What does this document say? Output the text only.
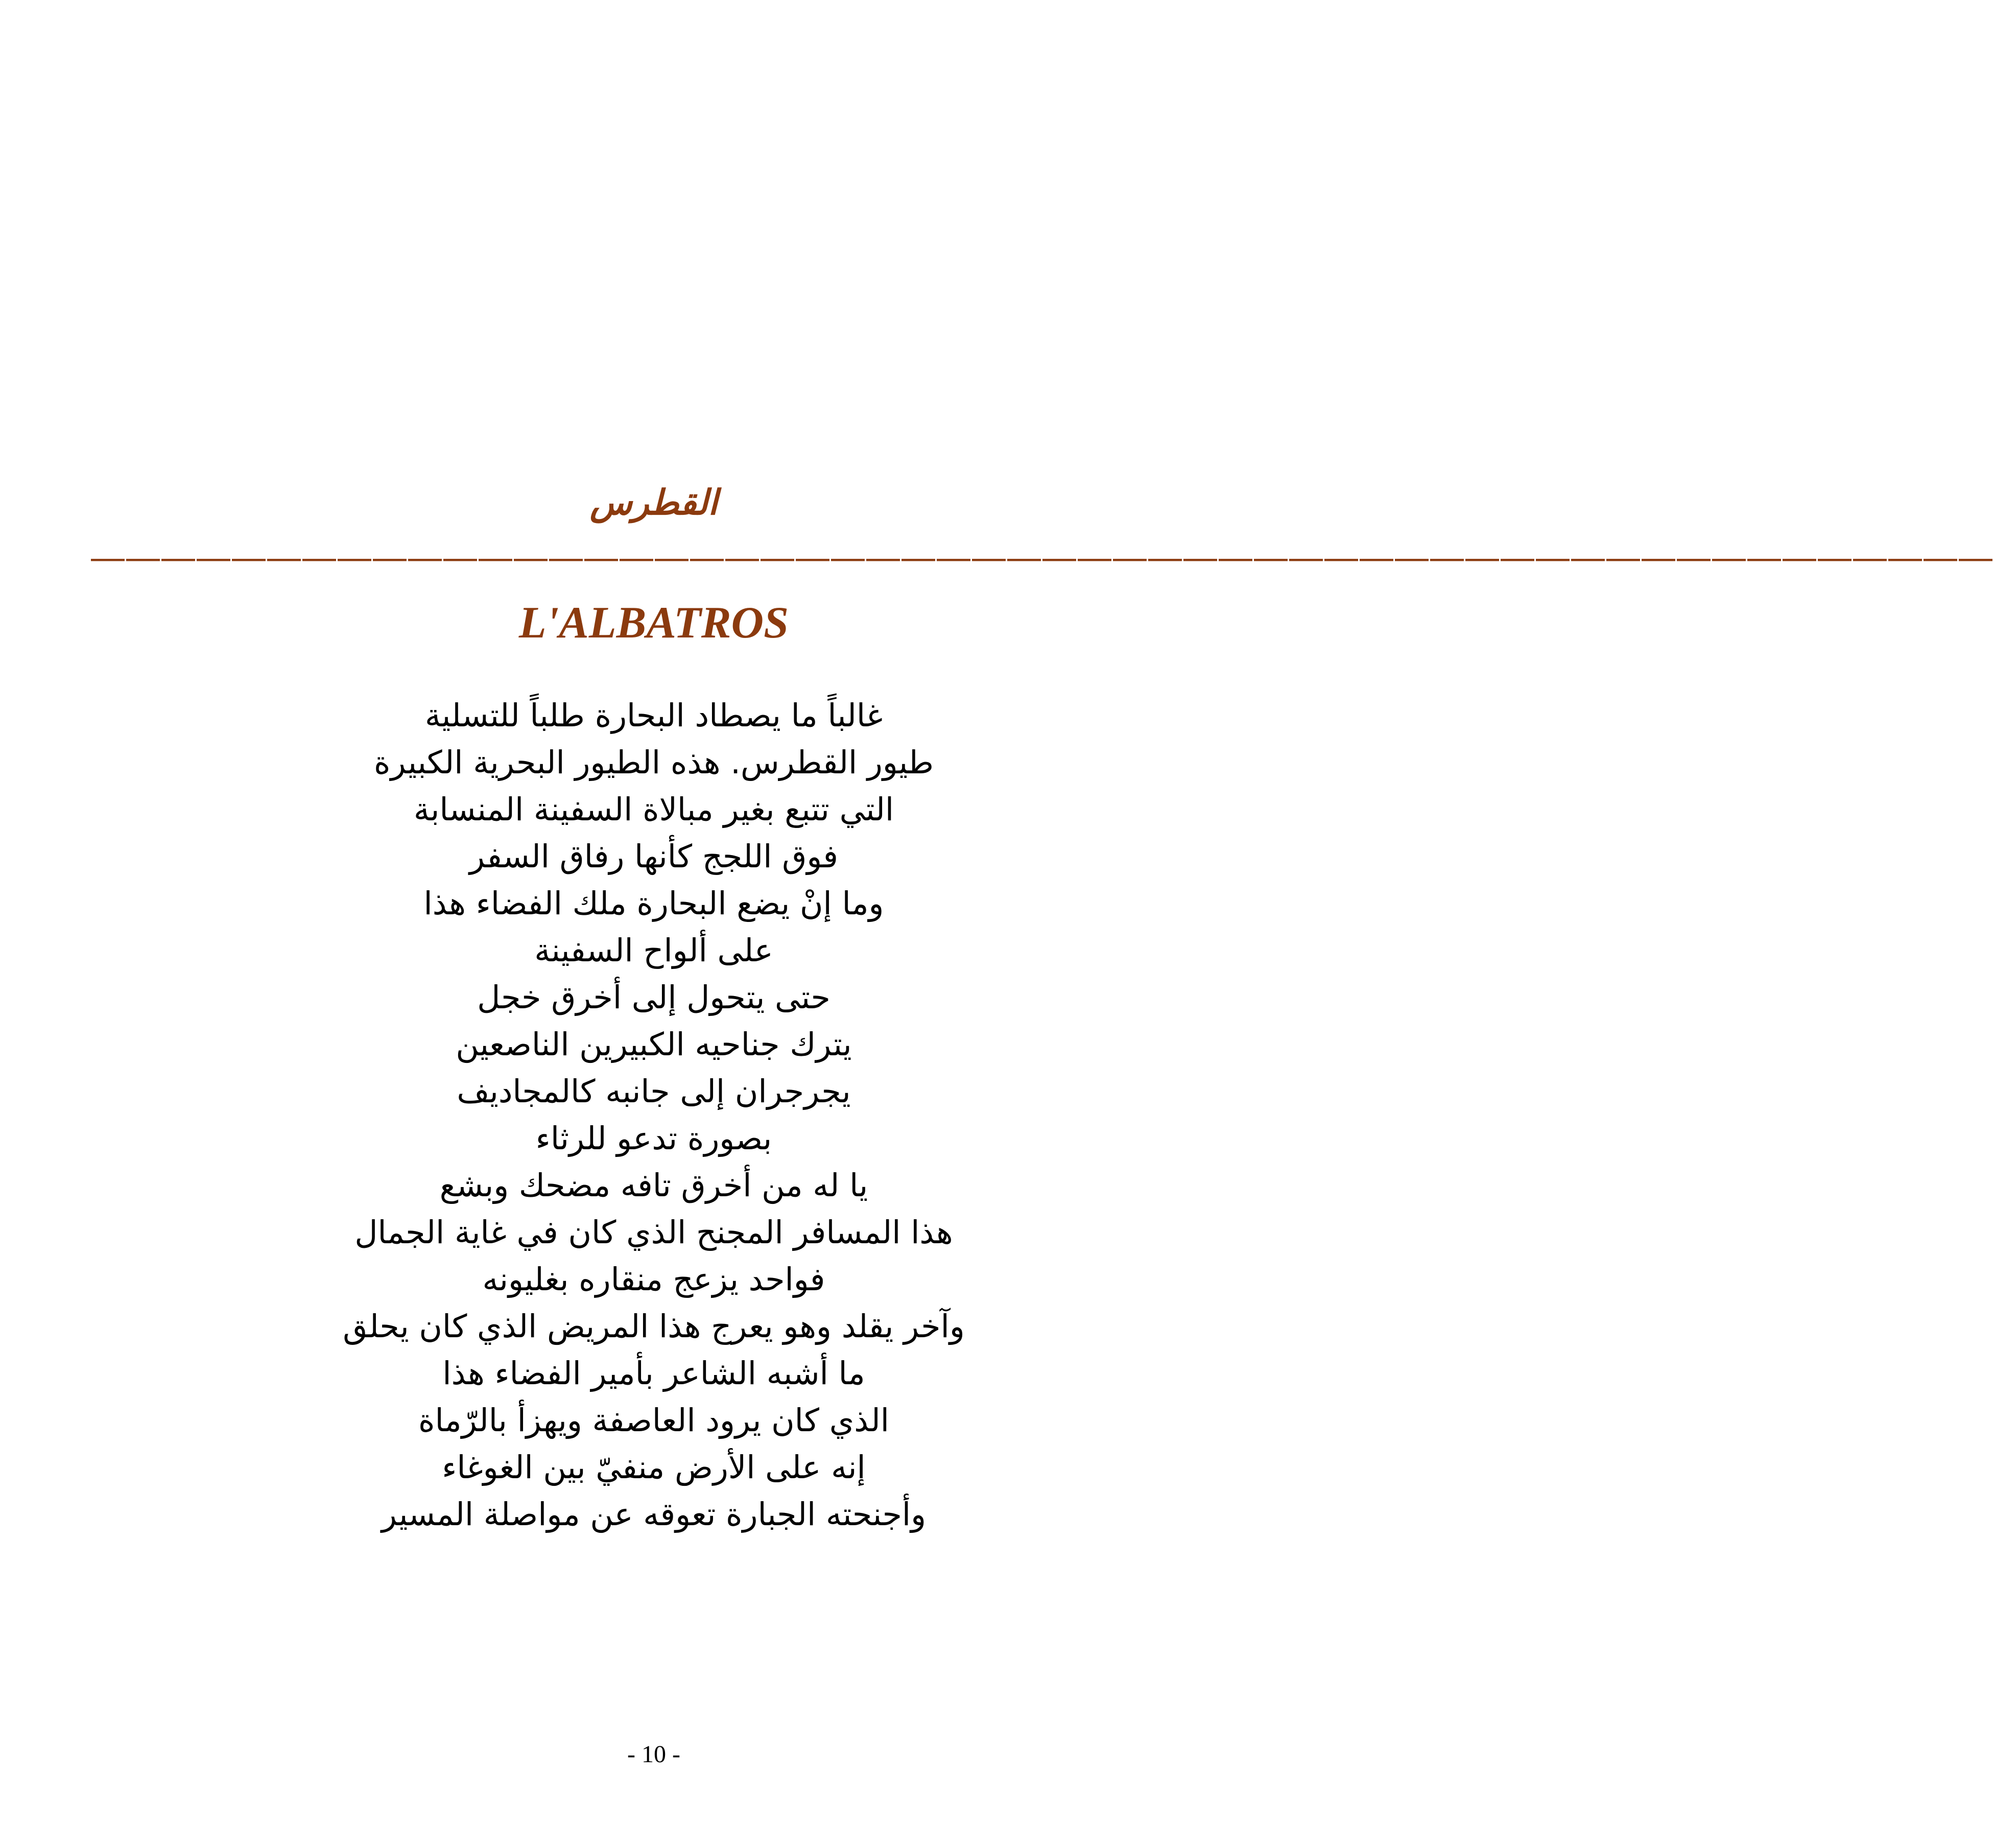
القطرس
——————————————————————————————————————————————————————
L'ALBATROS
غالباً ما يصطاد البحارة طلباً للتسلية
طيور القطرس. هذه الطيور البحرية الكبيرة
التي تتبع بغير مبالاة السفينة المنسابة
فوق اللجج كأنها رفاق السفر
وما إنْ يضع البحارة ملك الفضاء هذا
على ألواح السفينة
حتى يتحول إلى أخرق خجل
يترك جناحيه الكبيرين الناصعين
يجرجران إلى جانبه كالمجاديف
بصورة تدعو للرثاء
يا له من أخرق تافه مضحك وبشع
هذا المسافر المجنح الذي كان في غاية الجمال
فواحد يزعج منقاره بغليونه
وآخر يقلد وهو يعرج هذا المريض الذي كان يحلق
ما أشبه الشاعر بأمير الفضاء هذا
الذي كان يرود العاصفة ويهزأ بالرّماة
إنه على الأرض منفيّ بين الغوغاء
وأجنحته الجبارة تعوقه عن مواصلة المسير
- 10 -
